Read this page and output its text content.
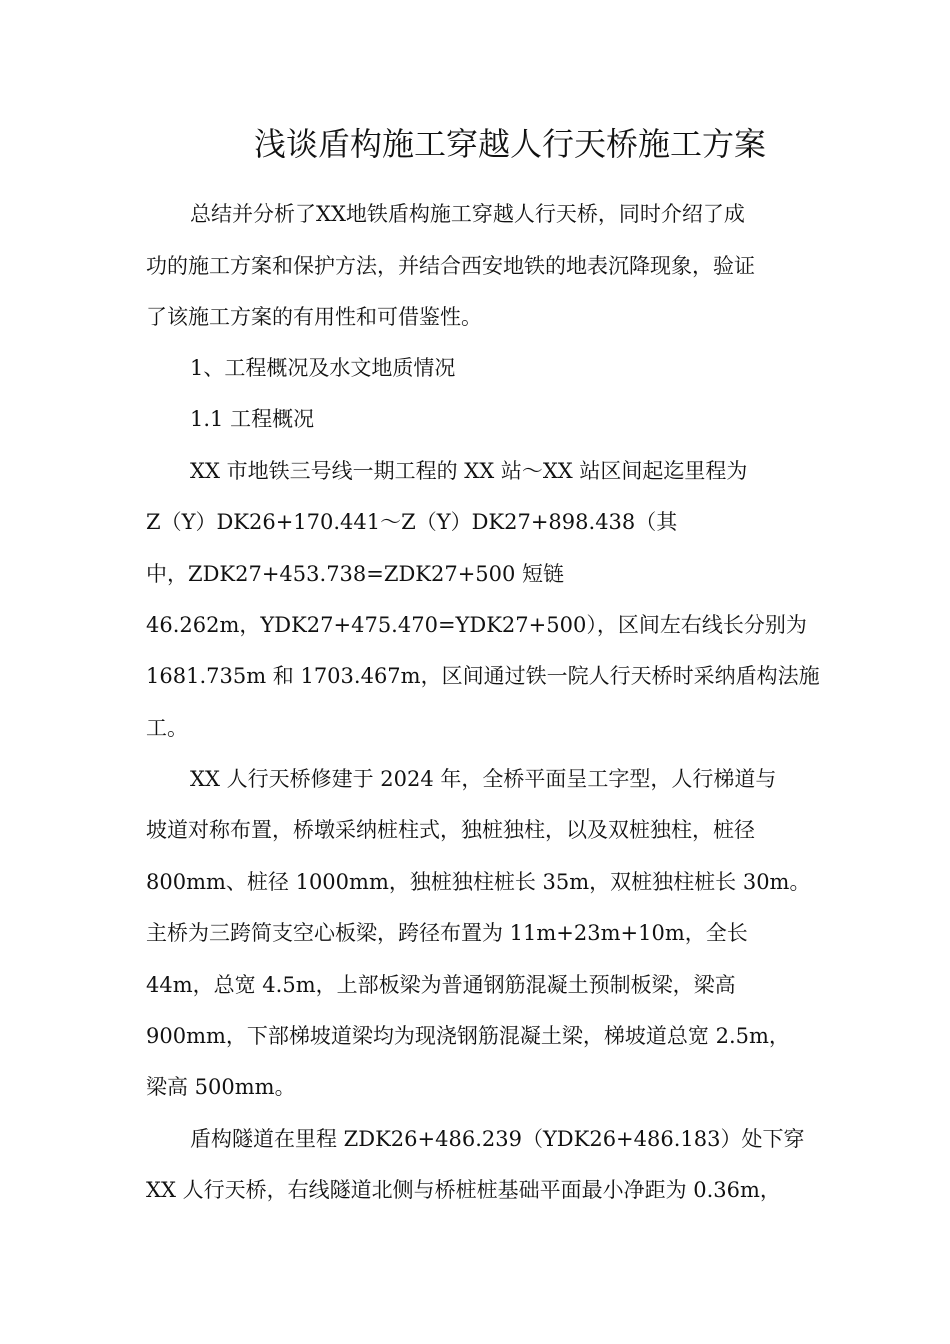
浅谈盾构施工穿越人行天桥施工方案
总结并分析了XX地铁盾构施工穿越人行天桥，同时介绍了成
功的施工方案和保护方法，并结合西安地铁的地表沉降现象，验证
了该施工方案的有用性和可借鉴性。
1、工程概况及水文地质情况
1.1 工程概况
XX 市地铁三号线一期工程的 XX 站～XX 站区间起迄里程为
Z（Y）DK26+170.441～Z（Y）DK27+898.438（其
中，ZDK27+453.738=ZDK27+500 短链
46.262m，YDK27+475.470=YDK27+500），区间左右线长分别为
1681.735m 和 1703.467m，区间通过铁一院人行天桥时采纳盾构法施
工。
XX 人行天桥修建于 2024 年，全桥平面呈工字型，人行梯道与
坡道对称布置，桥墩采纳桩柱式，独桩独柱，以及双桩独柱，桩径
800mm、桩径 1000mm，独桩独柱桩长 35m，双桩独柱桩长 30m。
主桥为三跨简支空心板梁，跨径布置为 11m+23m+10m，全长
44m，总宽 4.5m，上部板梁为普通钢筋混凝土预制板梁，梁高
900mm，下部梯坡道梁均为现浇钢筋混凝土梁，梯坡道总宽 2.5m，
梁高 500mm。
盾构隧道在里程 ZDK26+486.239（YDK26+486.183）处下穿
XX 人行天桥，右线隧道北侧与桥桩桩基础平面最小净距为 0.36m，
